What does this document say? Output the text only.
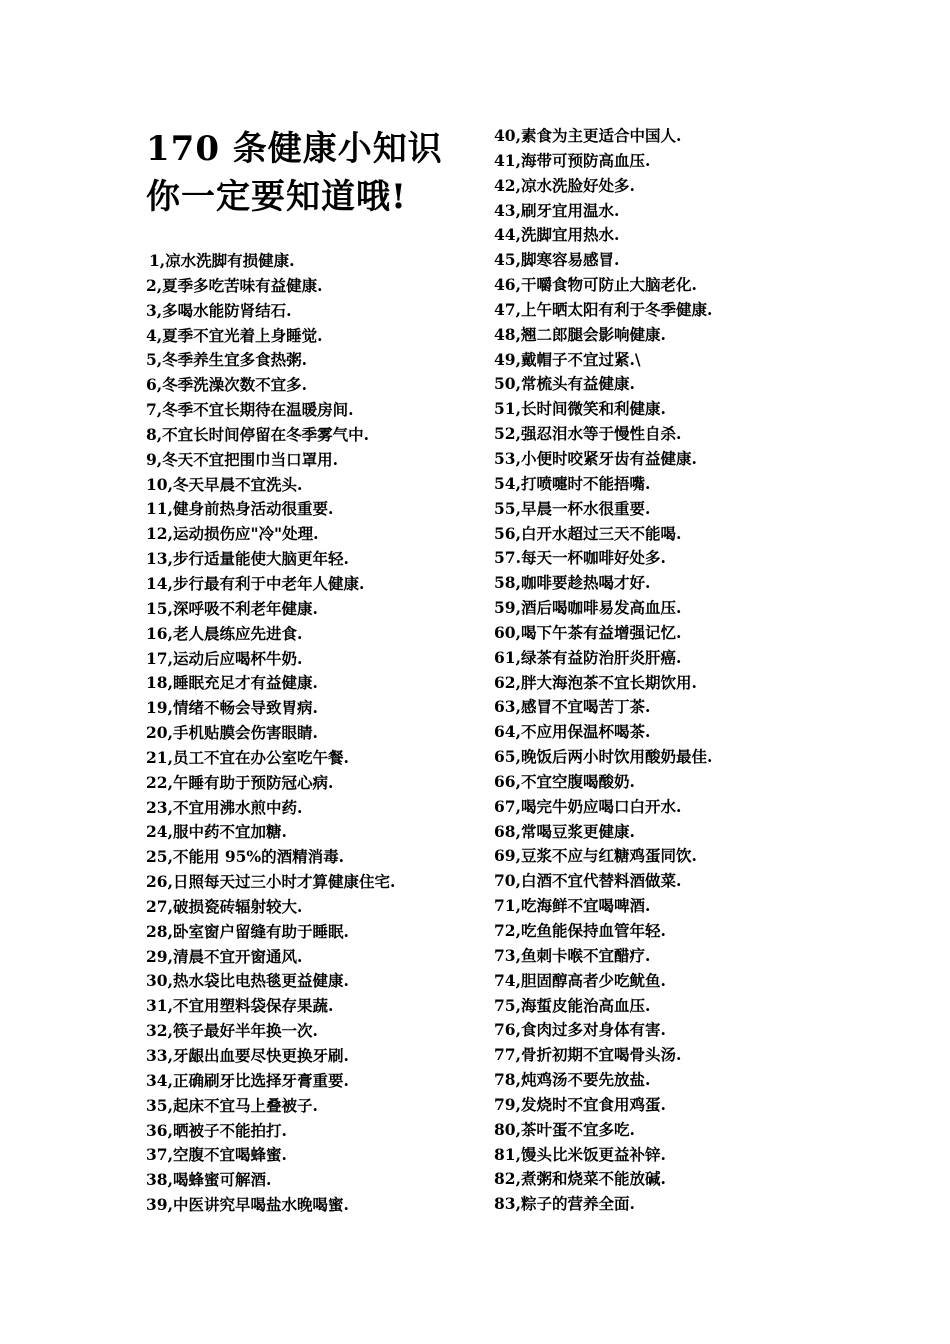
170 条健康小知识
你一定要知道哦!
1,凉水洗脚有损健康.
2,夏季多吃苦味有益健康.
3,多喝水能防肾结石.
4,夏季不宜光着上身睡觉.
5,冬季养生宜多食热粥.
6,冬季洗澡次数不宜多.
7,冬季不宜长期待在温暖房间.
8,不宜长时间停留在冬季雾气中.
9,冬天不宜把围巾当口罩用.
10,冬天早晨不宜洗头.
11,健身前热身活动很重要.
12,运动损伤应"冷"处理.
13,步行适量能使大脑更年轻.
14,步行最有利于中老年人健康.
15,深呼吸不利老年健康.
16,老人晨练应先进食.
17,运动后应喝杯牛奶.
18,睡眠充足才有益健康.
19,情绪不畅会导致胃病.
20,手机贴膜会伤害眼睛.
21,员工不宜在办公室吃午餐.
22,午睡有助于预防冠心病.
23,不宜用沸水煎中药.
24,服中药不宜加糖.
25,不能用 95%的酒精消毒.
26,日照每天过三小时才算健康住宅.
27,破损瓷砖辐射较大.
28,卧室窗户留缝有助于睡眠.
29,清晨不宜开窗通风.
30,热水袋比电热毯更益健康.
31,不宜用塑料袋保存果蔬.
32,筷子最好半年换一次.
33,牙龈出血要尽快更换牙刷.
34,正确刷牙比选择牙膏重要.
35,起床不宜马上叠被子.
36,晒被子不能拍打.
37,空腹不宜喝蜂蜜.
38,喝蜂蜜可解酒.
39,中医讲究早喝盐水晚喝蜜.
40,素食为主更适合中国人.
41,海带可预防高血压.
42,凉水洗脸好处多.
43,刷牙宜用温水.
44,洗脚宜用热水.
45,脚寒容易感冒.
46,干嚼食物可防止大脑老化.
47,上午晒太阳有利于冬季健康.
48,翘二郎腿会影响健康.
49,戴帽子不宜过紧.\
50,常梳头有益健康.
51,长时间微笑和利健康.
52,强忍泪水等于慢性自杀.
53,小便时咬紧牙齿有益健康.
54,打喷嚏时不能捂嘴.
55,早晨一杯水很重要.
56,白开水超过三天不能喝.
57.每天一杯咖啡好处多.
58,咖啡要趁热喝才好.
59,酒后喝咖啡易发高血压.
60,喝下午茶有益增强记忆.
61,绿茶有益防治肝炎肝癌.
62,胖大海泡茶不宜长期饮用.
63,感冒不宜喝苦丁茶.
64,不应用保温杯喝茶.
65,晚饭后两小时饮用酸奶最佳.
66,不宜空腹喝酸奶.
67,喝完牛奶应喝口白开水.
68,常喝豆浆更健康.
69,豆浆不应与红糖鸡蛋同饮.
70,白酒不宜代替料酒做菜.
71,吃海鲜不宜喝啤酒.
72,吃鱼能保持血管年轻.
73,鱼刺卡喉不宜醋疗.
74,胆固醇高者少吃鱿鱼.
75,海蜇皮能治高血压.
76,食肉过多对身体有害.
77,骨折初期不宜喝骨头汤.
78,炖鸡汤不要先放盐.
79,发烧时不宜食用鸡蛋.
80,茶叶蛋不宜多吃.
81,馒头比米饭更益补锌.
82,煮粥和烧菜不能放碱.
83,粽子的营养全面.
